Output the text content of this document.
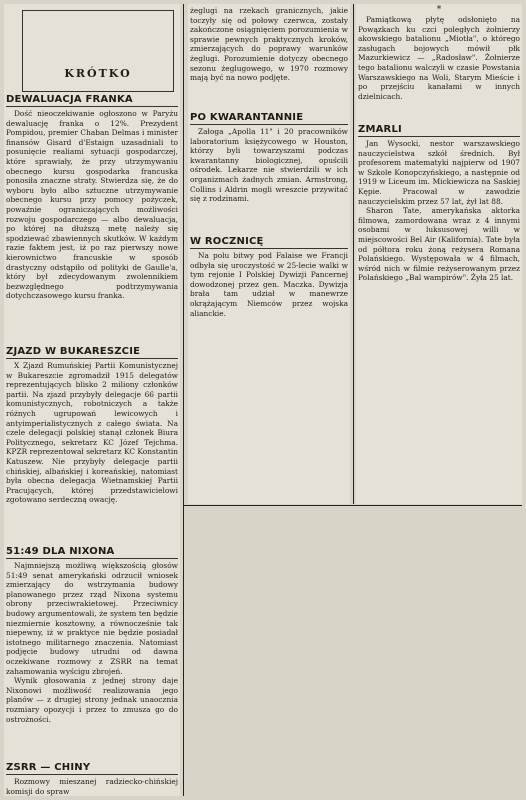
KRÓTKO
DEWALUACJA FRANKA

Dość nieoczekiwanie ogłoszono w Paryżu dewaluację franka o 12%. Prezydent Pompidou, premier Chaban Delmas i minister finansów Gisard d'Estaign uzasadniali to posunięcie realiami sytuacji gospodarczej, które sprawiały, że przy utrzymywaniu obecnego kursu gospodarka francuska ponosiła znaczne straty. Stwierdza się, że do wyboru było albo sztuczne utrzymywanie obecnego kursu przy pomocy pożyczek, powaźnie ograniczających możliwości rozwoju gospodarczego — albo dewaluacja, po której na dłuższą metę należy się spodziewać zbawiennych skutków. W każdym razie faktem jest, iż po raz pierwszy nowe kierownictwo francuskie w sposób drastyczny odstąpiło od polityki de Gaulle'a, który był zdecydowanym zwolennikiem bezwzględnego podtrzymywania dotychczasowego kursu franka.

ZJAZD W BUKARESZCIE

X Zjazd Rumuńskiej Partii Komunistycznej w Bukareszcie zgromadził 1915 delegatów reprezentujących blisko 2 miliony członków partii. Na zjazd przybyły delegacje 66 partii komunistycznych, robotniczych a także różnych ugrupowań lewicowych i antyimperialistycznych z całego świata. Na czele delegacji polskiej stanął członek Biura Politycznego, sekretarz KC Józef Tejchma. KPZR reprezentował sekretarz KC Konstantin Katuszew. Nie przybyły delegacje partii chińskiej, albańskiej i koreańskiej, natomiast była obecna delegacja Wietnamskiej Partii Pracujących, której przedstawicielowi zgotowano serdeczną owację.

51:49 DLA NIXONA

Najmniejszą możliwą większością głosów 51:49 senat amerykański odrzucił wniosek zmierzający do wstrzymania budowy planowanego przez rząd Nixona systemu obrony przeciwrakietowej. Przeciwnicy budowy argumentowali, że system ten będzie niezmiernie kosztowny, a równocześnie tak niepewny, iż w praktyce nie będzie posiadał istotnego militarnego znaczenia. Natomiast podjęcie budowy utrudni od dawna oczekiwane rozmowy z ZSRR na temat zahamowania wyścigu zbrojeń.

Wynik głosowania z jednej strony daje Nixonowi możliwość realizowania jego planów — z drugiej strony jednak unaocznia rozmiary opozycji i przez to zmusza go do ostrożności.

ZSRR — CHINY

Rozmowy mieszanej radziecko-chińskiej komisji do spraw

żeglugi na rzekach granicznych, jakie toczyły się od połowy czerwca, zostały zakończone osiągnięciem porozumienia w sprawie pewnych praktycznych kroków, zmierzających do poprawy warunków żeglugi. Porozumienie dotyczy obecnego sezonu żeglugowego, w 1970 rozmowy mają być na nowo podjęte.

PO KWARANTANNIE

Załoga „Apolla 11" i 20 pracowników laboratorium księżycowego w Houston, którzy byli towarzyszami podczas kwarantanny biologicznej, opuścili ośrodek. Lekarze nie stwierdzili w ich organizmach żadnych zmian. Armstrong, Collins i Aldrin mogli wreszcie przywitać się z rodzinami.

W ROCZNICĘ

Na polu bitwy pod Falaise we Francji odbyła się uroczystość w 25-lecie walki w tym rejonie I Polskiej Dywizji Pancernej dowodzonej przez gen. Maczka. Dywizja brała tam udział w manewrze okrążającym Niemców przez wojska alianckie.

*

Pamiątkową płytę odsłonięto na Powązkach ku czci poległych żołnierzy akowskiego batalionu „Miotła", o którego zasługach bojowych mówił płk Mazurkiewicz — „Radosław". Żołnierze tego batalionu walczyli w czasie Powstania Warszawskiego na Woli, Starym Mieście i po przejściu kanałami w innych dzielnicach.

ZMARLI

Jan Wysocki, nestor warszawskiego nauczycielstwa szkół średnich. Był profesorem matematyki najpierw od 1907 w Szkole Konopczyńskiego, a następnie od 1919 w Liceum im. Mickiewicza na Saskiej Kępie. Pracował w zawodzie nauczycielskim przez 57 lat, żył lat 88.

Sharon Tate, amerykańska aktorka filmowa, zamordowana wraz z 4 innymi osobami w luksusowej willi w miejscowości Bel Air (Kalifornia). Tate była od półtora roku żoną reżysera Romana Polańskiego. Występowała w 4 filmach, wśród nich w filmie reżyserowanym przez Polańskiego „Bal wampirów". Żyła 25 lat.
